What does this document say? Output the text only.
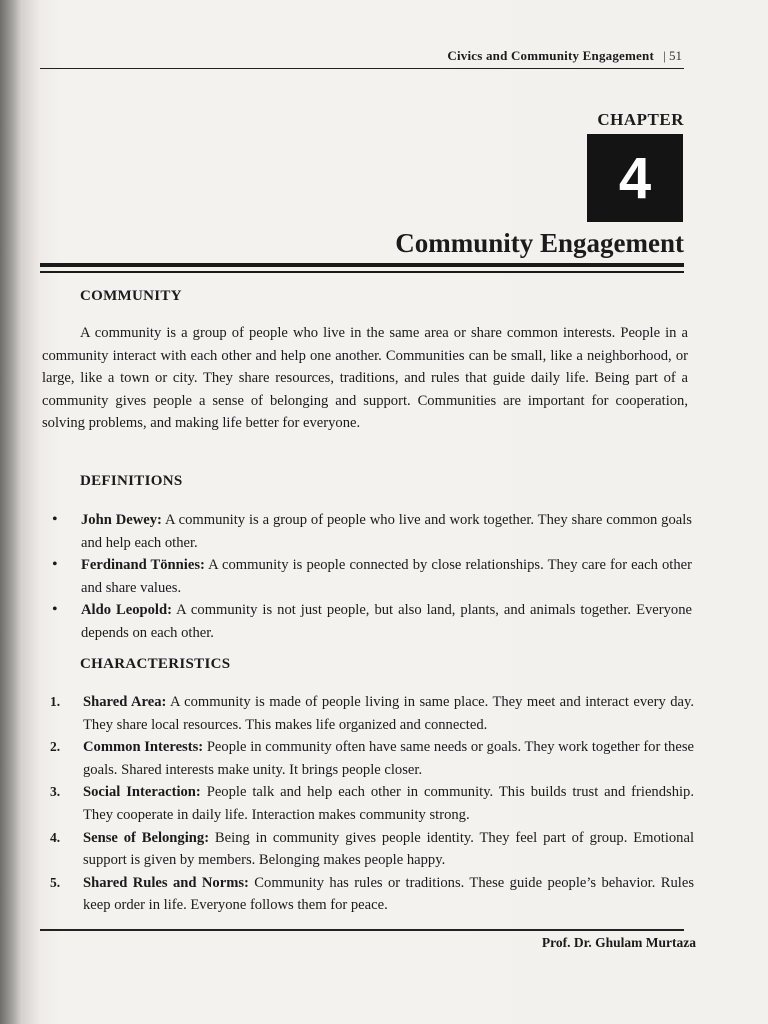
Civics and Community Engagement | 51
CHAPTER
4
Community Engagement
COMMUNITY
A community is a group of people who live in the same area or share common interests. People in a community interact with each other and help one another. Communities can be small, like a neighborhood, or large, like a town or city. They share resources, traditions, and rules that guide daily life. Being part of a community gives people a sense of belonging and support. Communities are important for cooperation, solving problems, and making life better for everyone.
DEFINITIONS
• John Dewey: A community is a group of people who live and work together. They share common goals and help each other.
• Ferdinand Tönnies: A community is people connected by close relationships. They care for each other and share values.
• Aldo Leopold: A community is not just people, but also land, plants, and animals together. Everyone depends on each other.
CHARACTERISTICS
1. Shared Area: A community is made of people living in same place. They meet and interact every day. They share local resources. This makes life organized and connected.
2. Common Interests: People in community often have same needs or goals. They work together for these goals. Shared interests make unity. It brings people closer.
3. Social Interaction: People talk and help each other in community. This builds trust and friendship. They cooperate in daily life. Interaction makes community strong.
4. Sense of Belonging: Being in community gives people identity. They feel part of group. Emotional support is given by members. Belonging makes people happy.
5. Shared Rules and Norms: Community has rules or traditions. These guide people’s behavior. Rules keep order in life. Everyone follows them for peace.
Prof. Dr. Ghulam Murtaza
